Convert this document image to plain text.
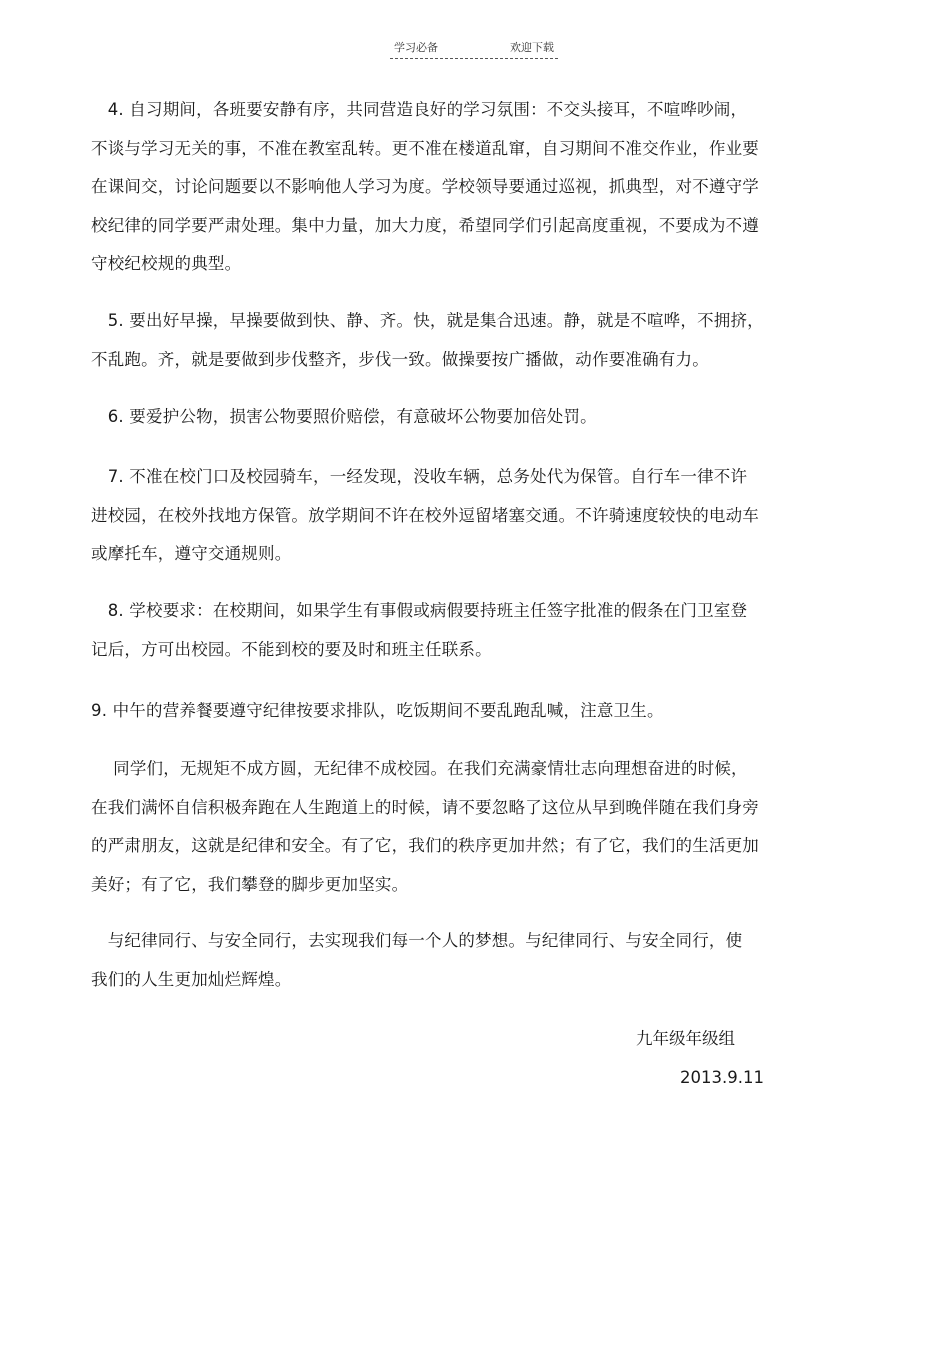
学习必备	欢迎下载
　4. 自习期间，各班要安静有序，共同营造良好的学习氛围：不交头接耳，不喧哗吵闹，
不谈与学习无关的事，不准在教室乱转。更不准在楼道乱窜，自习期间不准交作业，作业要
在课间交，讨论问题要以不影响他人学习为度。学校领导要通过巡视，抓典型，对不遵守学
校纪律的同学要严肃处理。集中力量，加大力度，希望同学们引起高度重视，不要成为不遵
守校纪校规的典型。
　5. 要出好早操，早操要做到快、静、齐。快，就是集合迅速。静，就是不喧哗，不拥挤，
不乱跑。齐，就是要做到步伐整齐，步伐一致。做操要按广播做，动作要准确有力。
　6. 要爱护公物，损害公物要照价赔偿，有意破坏公物要加倍处罚。
　7. 不准在校门口及校园骑车，一经发现，没收车辆，总务处代为保管。自行车一律不许
进校园，在校外找地方保管。放学期间不许在校外逗留堵塞交通。不许骑速度较快的电动车
或摩托车，遵守交通规则。
　8. 学校要求：在校期间，如果学生有事假或病假要持班主任签字批准的假条在门卫室登
记后，方可出校园。不能到校的要及时和班主任联系。
9. 中午的营养餐要遵守纪律按要求排队，吃饭期间不要乱跑乱喊，注意卫生。
　 同学们，无规矩不成方圆，无纪律不成校园。在我们充满豪情壮志向理想奋进的时候，
在我们满怀自信积极奔跑在人生跑道上的时候，请不要忽略了这位从早到晚伴随在我们身旁
的严肃朋友，这就是纪律和安全。有了它，我们的秩序更加井然；有了它，我们的生活更加
美好；有了它，我们攀登的脚步更加坚实。
　与纪律同行、与安全同行，去实现我们每一个人的梦想。与纪律同行、与安全同行，使
我们的人生更加灿烂辉煌。
九年级年级组
2013.9.11
